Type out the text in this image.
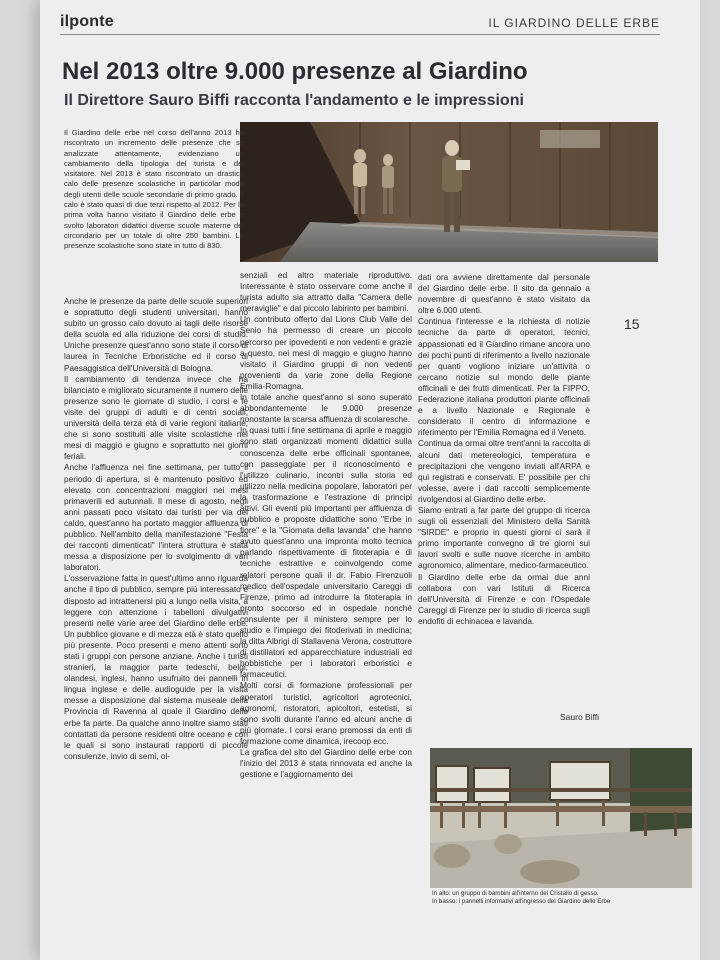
ilponte	IL GIARDINO DELLE ERBE
Nel 2013 oltre 9.000 presenze al Giardino
Il Direttore Sauro Biffi racconta l'andamento e le impressioni

Il Giardino delle erbe nel corso dell'anno 2013 ha riscontrato un incremento delle presenze che se analizzate attentamente, evidenziano un cambiamento della tipologia del turista e del visitatore. Nel 2013 è stato riscontrato un drastico calo delle presenze scolastiche in particolar modo degli utenti delle scuole secondarie di primo grado. Il calo è stato quasi di due terzi rispetto al 2012. Per la prima volta hanno visitato il Giardino delle erbe e svolto laboratori didattici diverse scuole materne del circondario per un totale di oltre 250 bambini. Le presenze scolastiche sono state in tutto di 830.

Anche le presenze da parte delle scuole superiori e soprattutto degli studenti universitari, hanno subito un grosso calo dovuto ai tagli delle risorse della scuola ed alla riduzione dei corsi di studio. Uniche presenze quest'anno sono state il corso di laurea in Tecniche Erboristiche ed il corso di Paesaggistica dell'Università di Bologna.

Il cambiamento di tendenza invece che ha bilanciato e migliorato sicuramente il numero delle presenze sono le giornate di studio, i corsi e le visite dei gruppi di adulti e di centri sociali, università della terza età di varie regioni italiane, che si sono sostituiti alle visite scolastiche nei mesi di maggio e giugno e soprattutto nei giorni feriali.

Anche l'affluenza nei fine settimana, per tutto il periodo di apertura, si è mantenuto positivo ed elevato con concentrazioni maggiori nei mesi primaverili ed autunnali. Il mese di agosto, negli anni passati poco visitato dai turisti per via del caldo, quest'anno ha portato maggior affluenza di pubblico. Nell'ambito della manifestazione "Festa dei racconti dimenticati" l'intera struttura è stata messa a disposizione per lo svolgimento di vari laboratori.

L'osservazione fatta in quest'ultimo anno riguarda anche il tipo di pubblico, sempre più interessato e disposto ad intrattenersi più a lungo nella visita, a leggere con attenzione i tabelloni divulgativi presenti nelle varie aree del Giardino delle erbe. Un pubblico giovane e di mezza età è stato quello più presente. Poco presenti e meno attenti sono stati i gruppi con persone anziane. Anche i turisti stranieri, la maggior parte tedeschi, belgi, olandesi, inglesi, hanno usufruito dei pannelli in lingua inglese e delle audioguide per la visita messe a disposizione dal sistema museale della Provincia di Ravenna al quale il Giardino delle erbe fa parte. Da qualche anno inoltre siamo stati contattati da persone residenti oltre oceano e con le quali si sono instaurati rapporti di piccole consulenze, invio di semi, ol-

senziali ed altro materiale riproduttivo. Interessante è stato osservare come anche il turista adulto sia attratto dalla "Camera delle meraviglie" e dal piccolo labirinto per bambini.

Un contributo offerto dal Lions Club Valle del Senio ha permesso di creare un piccolo percorso per ipovedenti e non vedenti e grazie a questo, nei mesi di maggio e giugno hanno visitato il Giardino gruppi di non vedenti provenienti da varie zone della Regione Emilia-Romagna.

In totale anche quest'anno si sono superato abbondantemente le 9.000 presenze nonostante la scarsa affluenza di scolaresche.

In quasi tutti i fine settimana di aprile e maggio sono stati organizzati momenti didattici sulla conoscenza delle erbe officinali spontanee, con passeggiate per il riconoscimento e l'utilizzo culinario, incontri sulla storia ed utilizzo nella medicina popolare, laboratori per la trasformazione e l'estrazione di principi attivi. Gli eventi più importanti per affluenza di pubblico e proposte didattiche sono "Erbe in fiore" e la "Giornata della lavanda" che hanno avuto quest'anno una impronta molto tecnica parlando rispettivamente di fitoterapia e di tecniche estrattive e coinvolgendo come relatori persone quali il dr. Fabio Firenzuoli medico dell'ospedale universitario Careggi di Firenze, primo ad introdurre la fitoterapia in pronto soccorso ed in ospedale nonché consulente per il ministero sempre per lo studio e l'impiego dei fitoderivati in medicina; la ditta Albrigi di Stallavena Verona, costruttore di distillatori ed apparecchiature industriali ed hobbistiche per i laboratori erboristici e farmaceutici.

Molti corsi di formazione professionali per operatori turistici, agricoltori agrotecnici, agronomi, ristoratori, apicoltori, estetisti, si sono svolti durante l'anno ed alcuni anche di più giornate. I corsi erano promossi da enti di formazione come dinamica, irecoop ecc.

La grafica del sito del Giardino delle erbe con l'inizio del 2013 è stata rinnovata ed anche la gestione e l'aggiornamento dei

dati ora avviene direttamente dal personale del Giardino delle erbe. Il sito da gennaio a novembre di quest'anno è stato visitato da oltre 6.000 utenti.

Continua l'interesse e la richiesta di notizie tecniche da parte di operatori, tecnici, appassionati ed il Giardino rimane ancora uno dei pochi punti di riferimento a livello nazionale per quanti vogliono iniziare un'attività o cercano notizie sul mondo delle piante officinali e dei frutti dimenticati. Per la FIPPO, Federazione italiana produttori piante officinali e a livello Nazionale e Regionale è considerato il centro di informazione e riferimento per l'Emilia Romagna ed il Veneto.

Continua da ormai oltre trent'anni la raccolta di alcuni dati metereologici, temperatura e precipitazioni che vengono inviati all'ARPA e qui registrati e conservati. E' possibile per chi volesse, avere i dati raccolti semplicemente rivolgendosi al Giardino delle erbe.

Siamo entrati a far parte del gruppo di ricerca sugli oli essenziali del Ministero della Sanità "SIRDE" e proprio in questi giorni ci sarà il primo importante convegno di tre giorni sui lavori svolti e sulle nuove ricerche in ambito agronomico, alimentare, medico-farmaceutico.

Il Giardino delle erbe da ormai due anni collabora con vari Istituti di Ricerca dell'Università di Firenze e con l'Ospedale Careggi di Firenze per lo studio di ricerca sugli endofiti di echinacea e lavanda.

15
Sauro Biffi
In alto: un gruppo di bambini all'interno del Cristallo di gesso.
In basso: i pannelli informativi all'ingresso del Giardino delle Erbe
